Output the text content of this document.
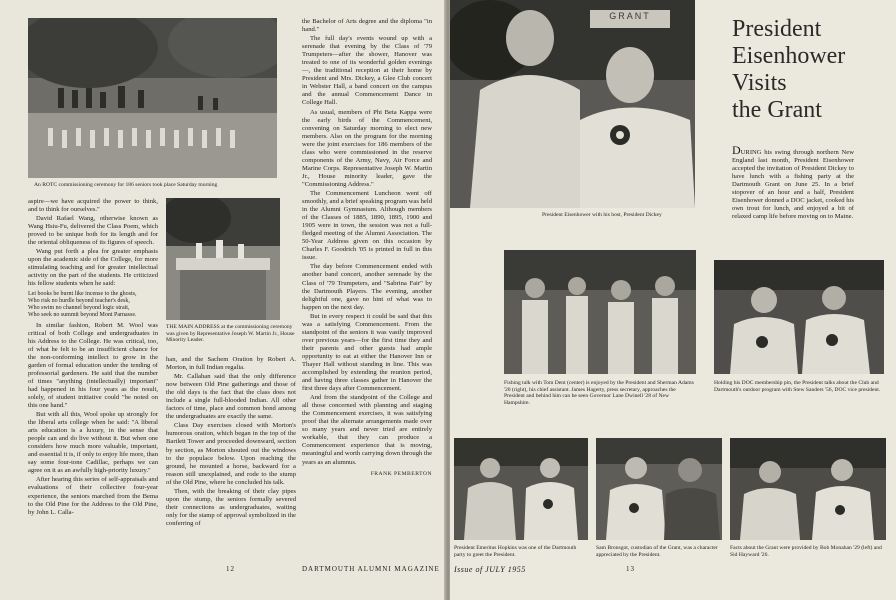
An ROTC commissioning ceremony for 186 seniors took place Saturday morning

aspire—we have acquired the power to think, and to think for ourselves."

David Rafael Wang, otherwise known as Wang Hsiu-Fu, delivered the Class Poem, which proved to be unique both for its length and for the oriental obliqueness of its figures of speech.

Wang put forth a plea for greater emphasis upon the academic side of the College, for more stimulating teaching and for greater intellectual activity on the part of the students. He criticized his fellow students when he said:

Let books be burnt like incense to the ghosts,
Who risk no hurdle beyond teacher's desk,
Who swim no channel beyond logic strait,
Who seek no summit beyond Mont Parnasse.

In similar fashion, Robert M. Wool was critical of both College and undergraduates in his Address to the College. He was critical, too, of what he felt to be an insufficient chance for the non-conforming intellect to grow in the garden of formal education under the tending of professorial gardeners. He said that the number of times "anything (intellectually) important" had happened in his four years as the result, solely, of student initiative could "be noted on this one hand."

But with all this, Wool spoke up strongly for the liberal arts college when he said: "A liberal arts education is a luxury, in the sense that people can and do live without it. But when one considers how much more valuable, important, and essential it is, if only to enjoy life more, than say some four-tone Cadillac, perhaps we can agree on it as an awfully high-priority luxury."

After hearing this series of self-appraisals and evaluations of their collective four-year experience, the seniors marched from the Bema to the Old Pine for the Address to the Old Pine, by John L. Calla-

THE MAIN ADDRESS at the commissioning ceremony was given by Representative Joseph W. Martin Jr., House Minority Leader.

han, and the Sachem Oration by Robert A. Morton, in full Indian regalia.

Mr. Callahan said that the only difference now between Old Pine gatherings and those of the old days is the fact that the class does not include a single full-blooded Indian. All other factors of time, place and common bond among the undergraduates are exactly the same.

Class Day exercises closed with Morton's humorous oration, which began in the top of the Bartlett Tower and proceeded downward, section by section, as Morton shouted out the windows to the populace below. Upon reaching the ground, he mounted a horse, backward for a reason still unexplained, and rode to the stump of the Old Pine, where he concluded his talk.

Then, with the breaking of their clay pipes upon the stump, the seniors formally severed their connections as undergraduates, waiting only for the stamp of approval symbolized in the conferring of

the Bachelor of Arts degree and the diploma "in hand."

The full day's events wound up with a serenade that evening by the Class of '79 Trumpeters—after the shower, Hanover was treated to one of its wonderful golden evenings—, the traditional reception at their home by President and Mrs. Dickey, a Glee Club concert in Webster Hall, a band concert on the campus and the annual Commencement Dance in College Hall.

As usual, members of Phi Beta Kappa were the early birds of the Commencement, convening on Saturday morning to elect new members. Also on the program for the morning were the joint exercises for 186 members of the class who were commissioned in the reserve components of the Army, Navy, Air Force and Marine Corps. Representative Joseph W. Martin Jr., House minority leader, gave the "Commissioning Address."

The Commencement Luncheon went off smoothly, and a brief speaking program was held in the Alumni Gymnasium. Although members of the Classes of 1885, 1890, 1895, 1900 and 1905 were in town, the session was not a full-fledged meeting of the Alumni Association. The 50-Year Address given on this occasion by Charles F. Goodrich '05 is printed in full in this issue.

The day before Commencement ended with another band concert, another serenade by the Class of '79 Trumpeters, and "Sabrina Fair" by the Dartmouth Players. The evening, another delightful one, gave no hint of what was to happen on the next day.

But in every respect it could be said that this was a satisfying Commencement. From the standpoint of the seniors it was vastly improved over previous years—for the first time they and their parents and other guests had ample opportunity to eat at either the Hanover Inn or Thayer Hall without standing in line. This was accomplished by extending the reunion period, and having three classes gather in Hanover the first three days after Commencement.

And from the standpoint of the College and all those concerned with planning and staging the Commencement exercises, it was satisfying proof that the alternate arrangements made over so many years and never tried are entirely workable, that they can produce a Commencement experience that is moving, meaningful and worth carrying down through the years as an alumnus.

FRANK PEMBERTON
12	DARTMOUTH ALUMNI MAGAZINE
GRANT	President
Eisenhower
Visits
the Grant
DURING his swing through northern New England last month, President Eisenhower accepted the invitation of President Dickey to have lunch with a fishing party at the Dartmouth Grant on June 25. In a brief stopover of an hour and a half, President Eisenhower donned a DOC jacket, cooked his own trout for lunch, and enjoyed a bit of relaxed camp life before moving on to Maine.
President Eisenhower with his host, President Dickey
Fishing talk with Tom Dent (center) is enjoyed by the President and Sherman Adams '20 (right), his chief assistant. James Hagerty, press secretary, approaches the President and behind him can be seen Governor Lane Dwinell '28 of New Hampshire.
Holding his DOC membership pin, the President talks about the Club and Dartmouth's outdoor program with Stew Sanders '56, DOC vice president.
President Emeritus Hopkins was one of the Dartmouth party to greet the President.
Sam Bronsgot, custodian of the Grant, was a character appreciated by the President.
Facts about the Grant were provided by Bob Monahan '29 (left) and Sid Hayward '26.
Issue of JULY 1955	13
